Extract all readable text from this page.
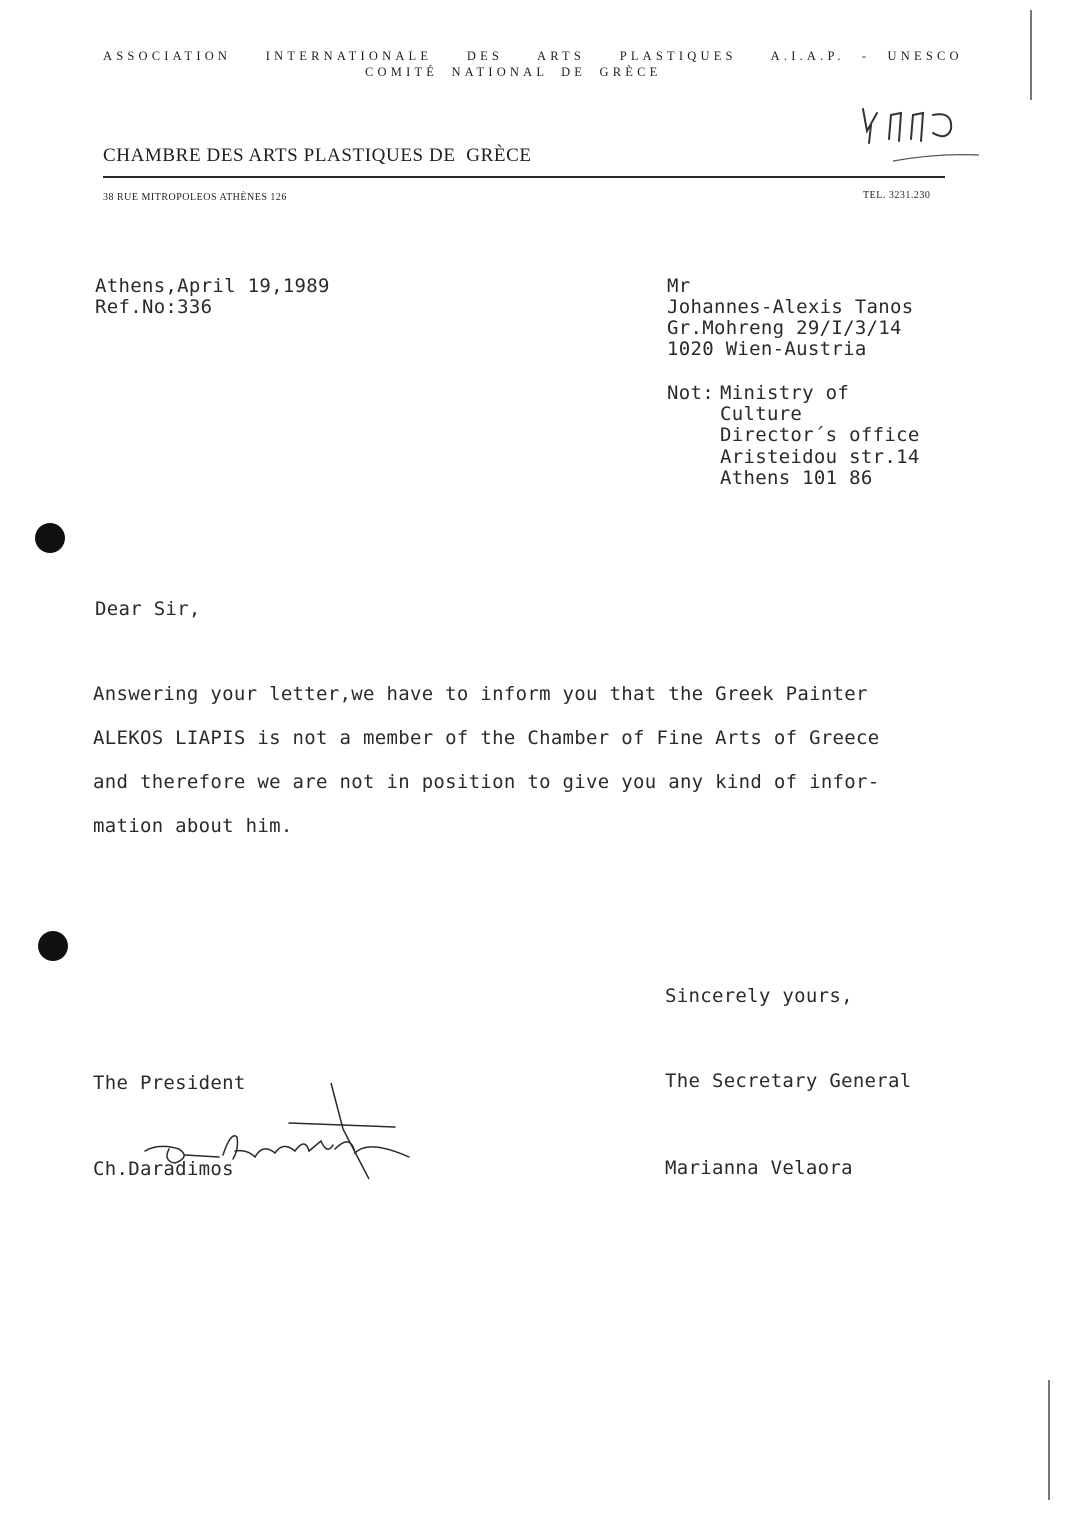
ASSOCIATION  INTERNATIONALE  DES  ARTS  PLASTIQUES  A.I.A.P. - UNESCO
COMITÉ NATIONAL DE GRÈCE
CHAMBRE DES ARTS PLASTIQUES DE  GRÈCE
38 RUE MITROPOLEOS ATHÈNES 126	TEL. 3231.230

Athens,April 19,1989
Ref.No:336
Mr
Johannes-Alexis Tanos
Gr.Mohreng 29/I/3/14
1020 Wien-Austria
Not: Ministry of
Culture
Director´s office
Aristeidou str.14
Athens 101 86
Dear Sir,
Answering your letter,we have to inform you that the Greek Painter
ALEKOS LIAPIS is not a member of the Chamber of Fine Arts of Greece
and therefore we are not in position to give you any kind of infor-
mation about him.
Sincerely yours,
The President
Ch.Daradimos
The Secretary General
Marianna Velaora
